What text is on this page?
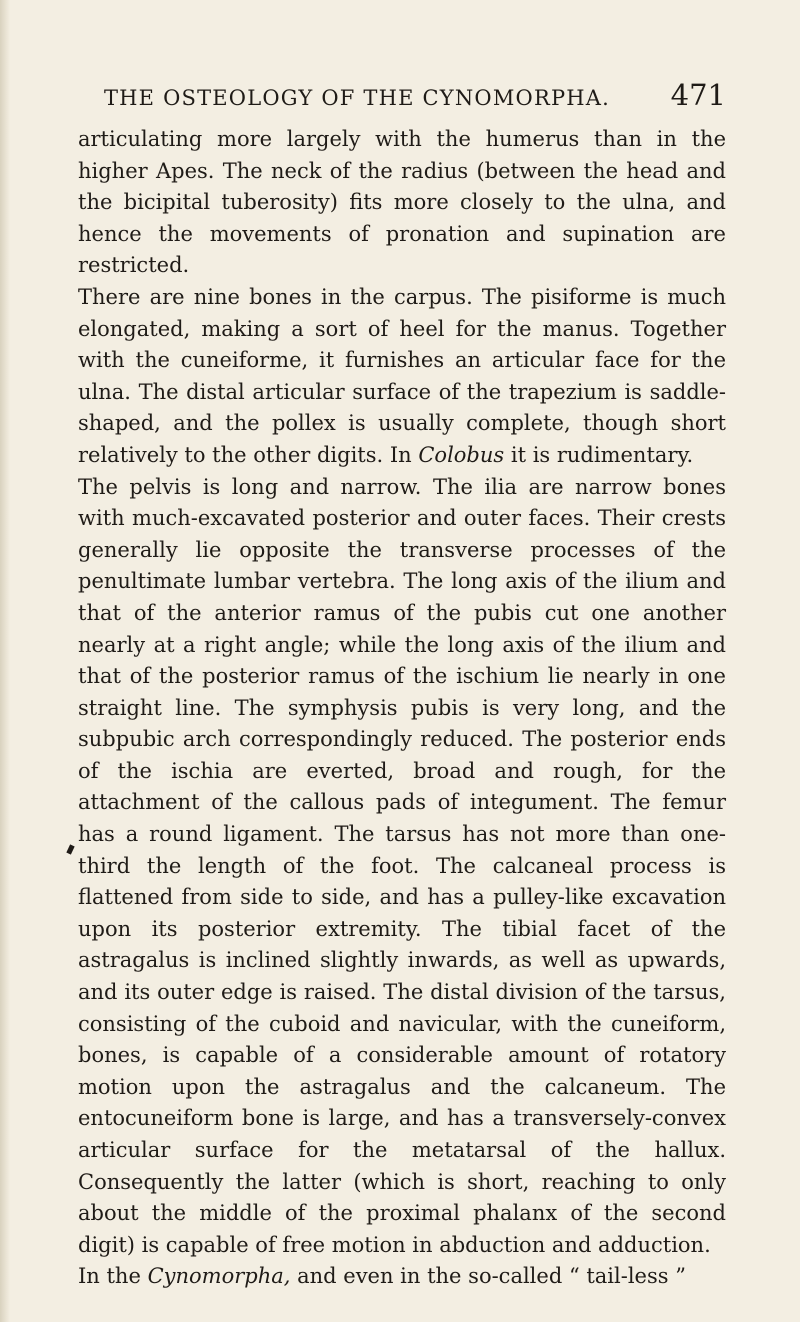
THE OSTEOLOGY OF THE CYNOMORPHA.	471

articulating more largely with the humerus than in the higher Apes. The neck of the radius (between the head and the bicipital tuberosity) fits more closely to the ulna, and hence the movements of pronation and supination are restricted.

There are nine bones in the carpus. The pisiforme is much elongated, making a sort of heel for the manus. Together with the cuneiforme, it furnishes an articular face for the ulna. The distal articular surface of the trapezium is saddle-shaped, and the pollex is usually complete, though short relatively to the other digits. In Colobus it is rudimentary.

The pelvis is long and narrow. The ilia are narrow bones with much-excavated posterior and outer faces. Their crests generally lie opposite the transverse processes of the penultimate lumbar vertebra. The long axis of the ilium and that of the anterior ramus of the pubis cut one another nearly at a right angle; while the long axis of the ilium and that of the posterior ramus of the ischium lie nearly in one straight line. The symphysis pubis is very long, and the subpubic arch correspondingly reduced. The posterior ends of the ischia are everted, broad and rough, for the attachment of the callous pads of integument. The femur has a round ligament. The tarsus has not more than one-third the length of the foot. The calcaneal process is flattened from side to side, and has a pulley-like excavation upon its posterior extremity. The tibial facet of the astragalus is inclined slightly inwards, as well as upwards, and its outer edge is raised. The distal division of the tarsus, consisting of the cuboid and navicular, with the cuneiform, bones, is capable of a considerable amount of rotatory motion upon the astragalus and the calcaneum. The entocuneiform bone is large, and has a transversely-convex articular surface for the metatarsal of the hallux. Consequently the latter (which is short, reaching to only about the middle of the proximal phalanx of the second digit) is capable of free motion in abduction and adduction.

In the Cynomorpha, and even in the so-called “ tail-less ”
